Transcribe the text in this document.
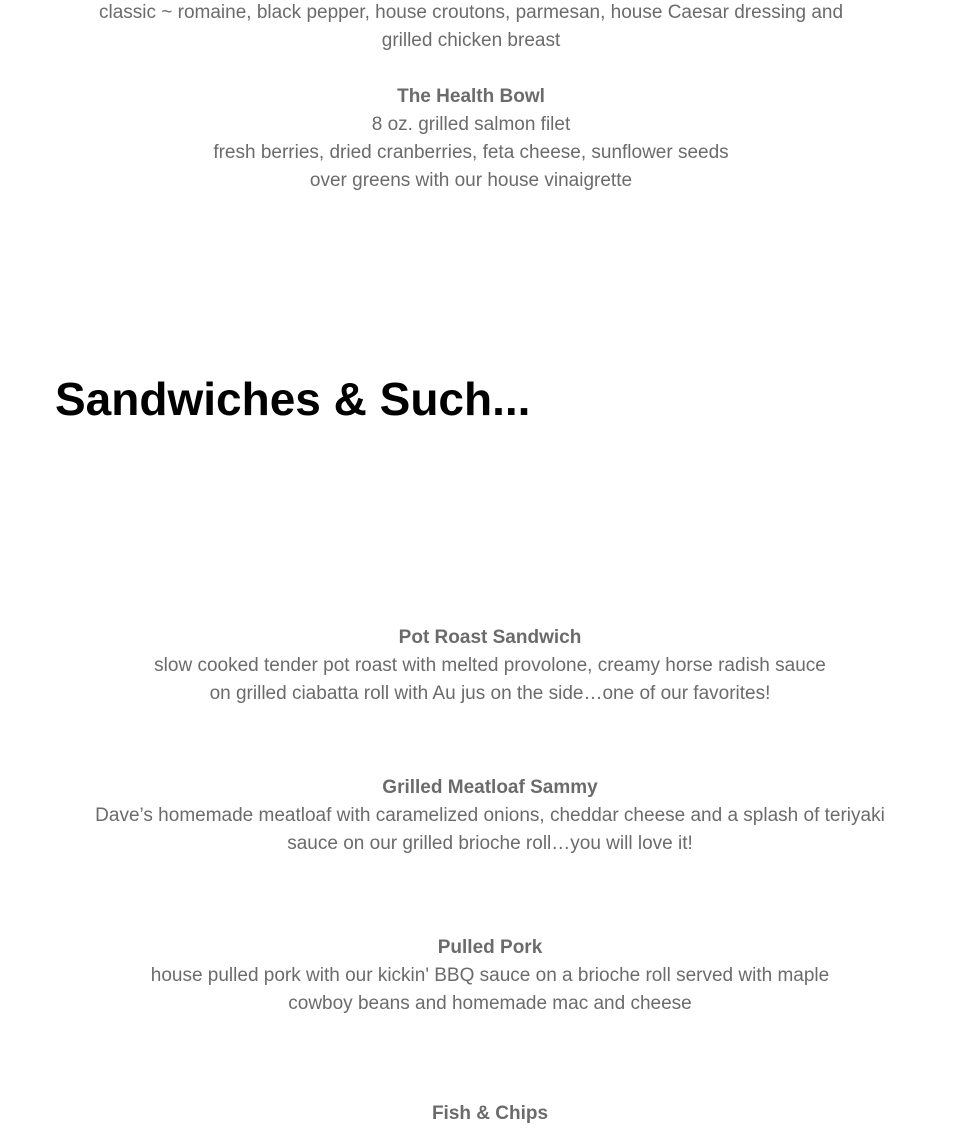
classic ~ romaine, black pepper, house croutons, parmesan, house Caesar dressing and
grilled chicken breast
The Health Bowl
8 oz. grilled salmon filet
fresh berries, dried cranberries, feta cheese, sunflower seeds
over greens with our house vinaigrette
Sandwiches & Such...
Pot Roast Sandwich
slow cooked tender pot roast with melted provolone, creamy horse radish sauce
on grilled ciabatta roll with Au jus on the side…one of our favorites!
Grilled Meatloaf Sammy
Dave’s homemade meatloaf with caramelized onions, cheddar cheese and a splash of teriyaki
sauce on our grilled brioche roll…you will love it!
Pulled Pork
house pulled pork with our kickin' BBQ sauce on a brioche roll served with maple
cowboy beans and homemade mac and cheese
Fish & Chips
